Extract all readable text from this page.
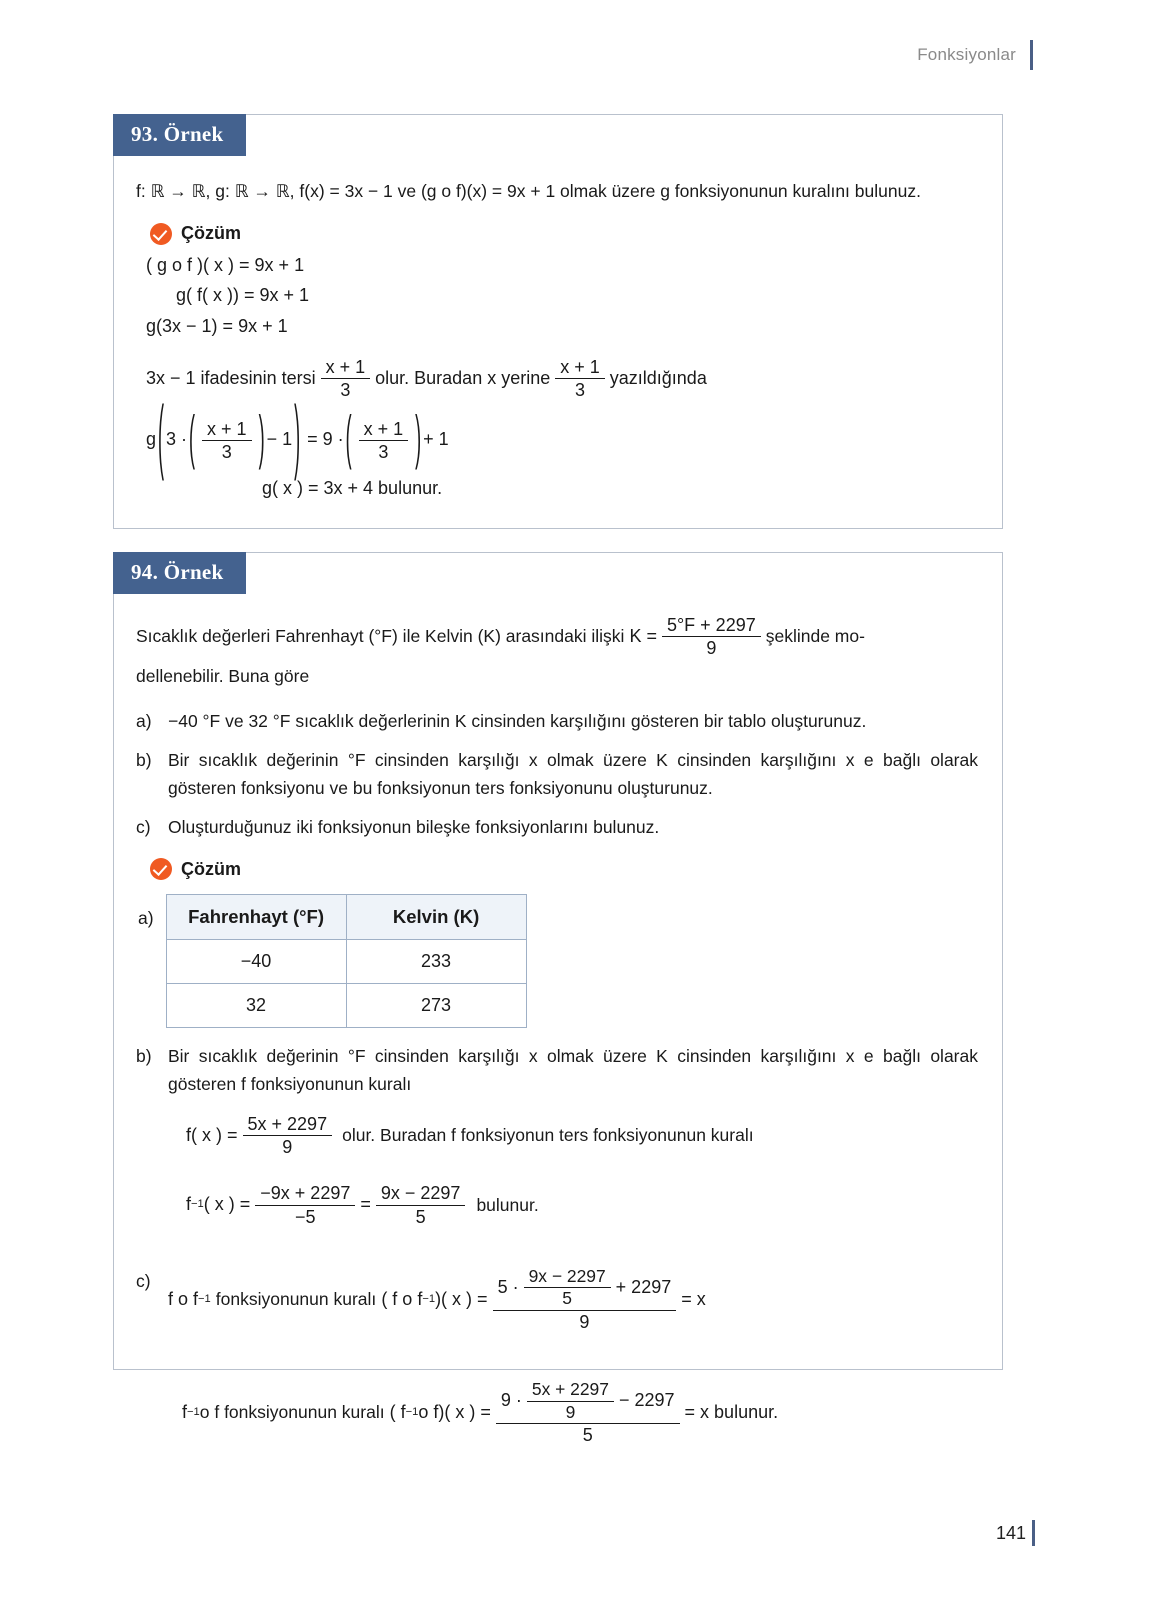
Fonksiyonlar
93. Örnek
f: ℝ → ℝ, g: ℝ → ℝ, f(x) = 3x − 1 ve (g o f)(x) = 9x + 1 olmak üzere g fonksiyonunun kuralını bulunuz.
Çözüm
( g o f )( x ) =
9x + 1
g( f( x )) =
9x + 1
g(3x − 1) =
9x + 1
3x − 1 ifadesinin tersi $\frac{x + 1}{3}$ olur. Buradan x yerine $\frac{x + 1}{3}$ yazıldığında
g ( 3 · ( $\frac{x + 1}{3}$ ) − 1 )
= 9 · ( $\frac{x + 1}{3}$ ) + 1
g( x ) = 3x + 4 bulunur.
94. Örnek
Sıcaklık değerleri Fahrenhayt (°F) ile Kelvin (K) arasındaki ilişki
$K = \frac{5^\circ F + 2297}{9}$ şeklinde mo-
dellenebilir. Buna göre
a) −40 °F ve 32 °F sıcaklık değerlerinin K cinsinden karşılığını gösteren bir tablo oluşturunuz.
b) Bir sıcaklık değerinin °F cinsinden karşılığı x olmak üzere K cinsinden karşılığını x e bağlı olarak gösteren fonksiyonu ve bu fonksiyonun ters fonksiyonunu oluşturunuz.
c) Oluşturduğunuz iki fonksiyonun bileşke fonksiyonlarını bulunuz.
Çözüm
a) Fahrenhayt (°F)	Kelvin (K)
−40	233
32	273
b) Bir sıcaklık değerinin °F cinsinden karşılığı x olmak üzere K cinsinden karşılığını x e bağlı olarak gösteren f fonksiyonunun kuralı
f( x ) = $\frac{5x + 2297}{9}$ olur. Buradan f fonksiyonun ters fonksiyonunun kuralı
f −1 ( x ) = $\frac{-9x + 2297}{-5} = \frac{9x - 2297}{5}$ bulunur.
c)
f o f −1
fonksiyonunun kuralı
( f o f −1 )( x ) =
$5 \cdot \frac{9x - 2297}{5} + 2297$
9
= x
f −1 o f fonksiyonunun kuralı
( f −1 o f)( x ) =
$9 \cdot \frac{5x + 2297}{9} - 2297$
5
= x bulunur.
141
